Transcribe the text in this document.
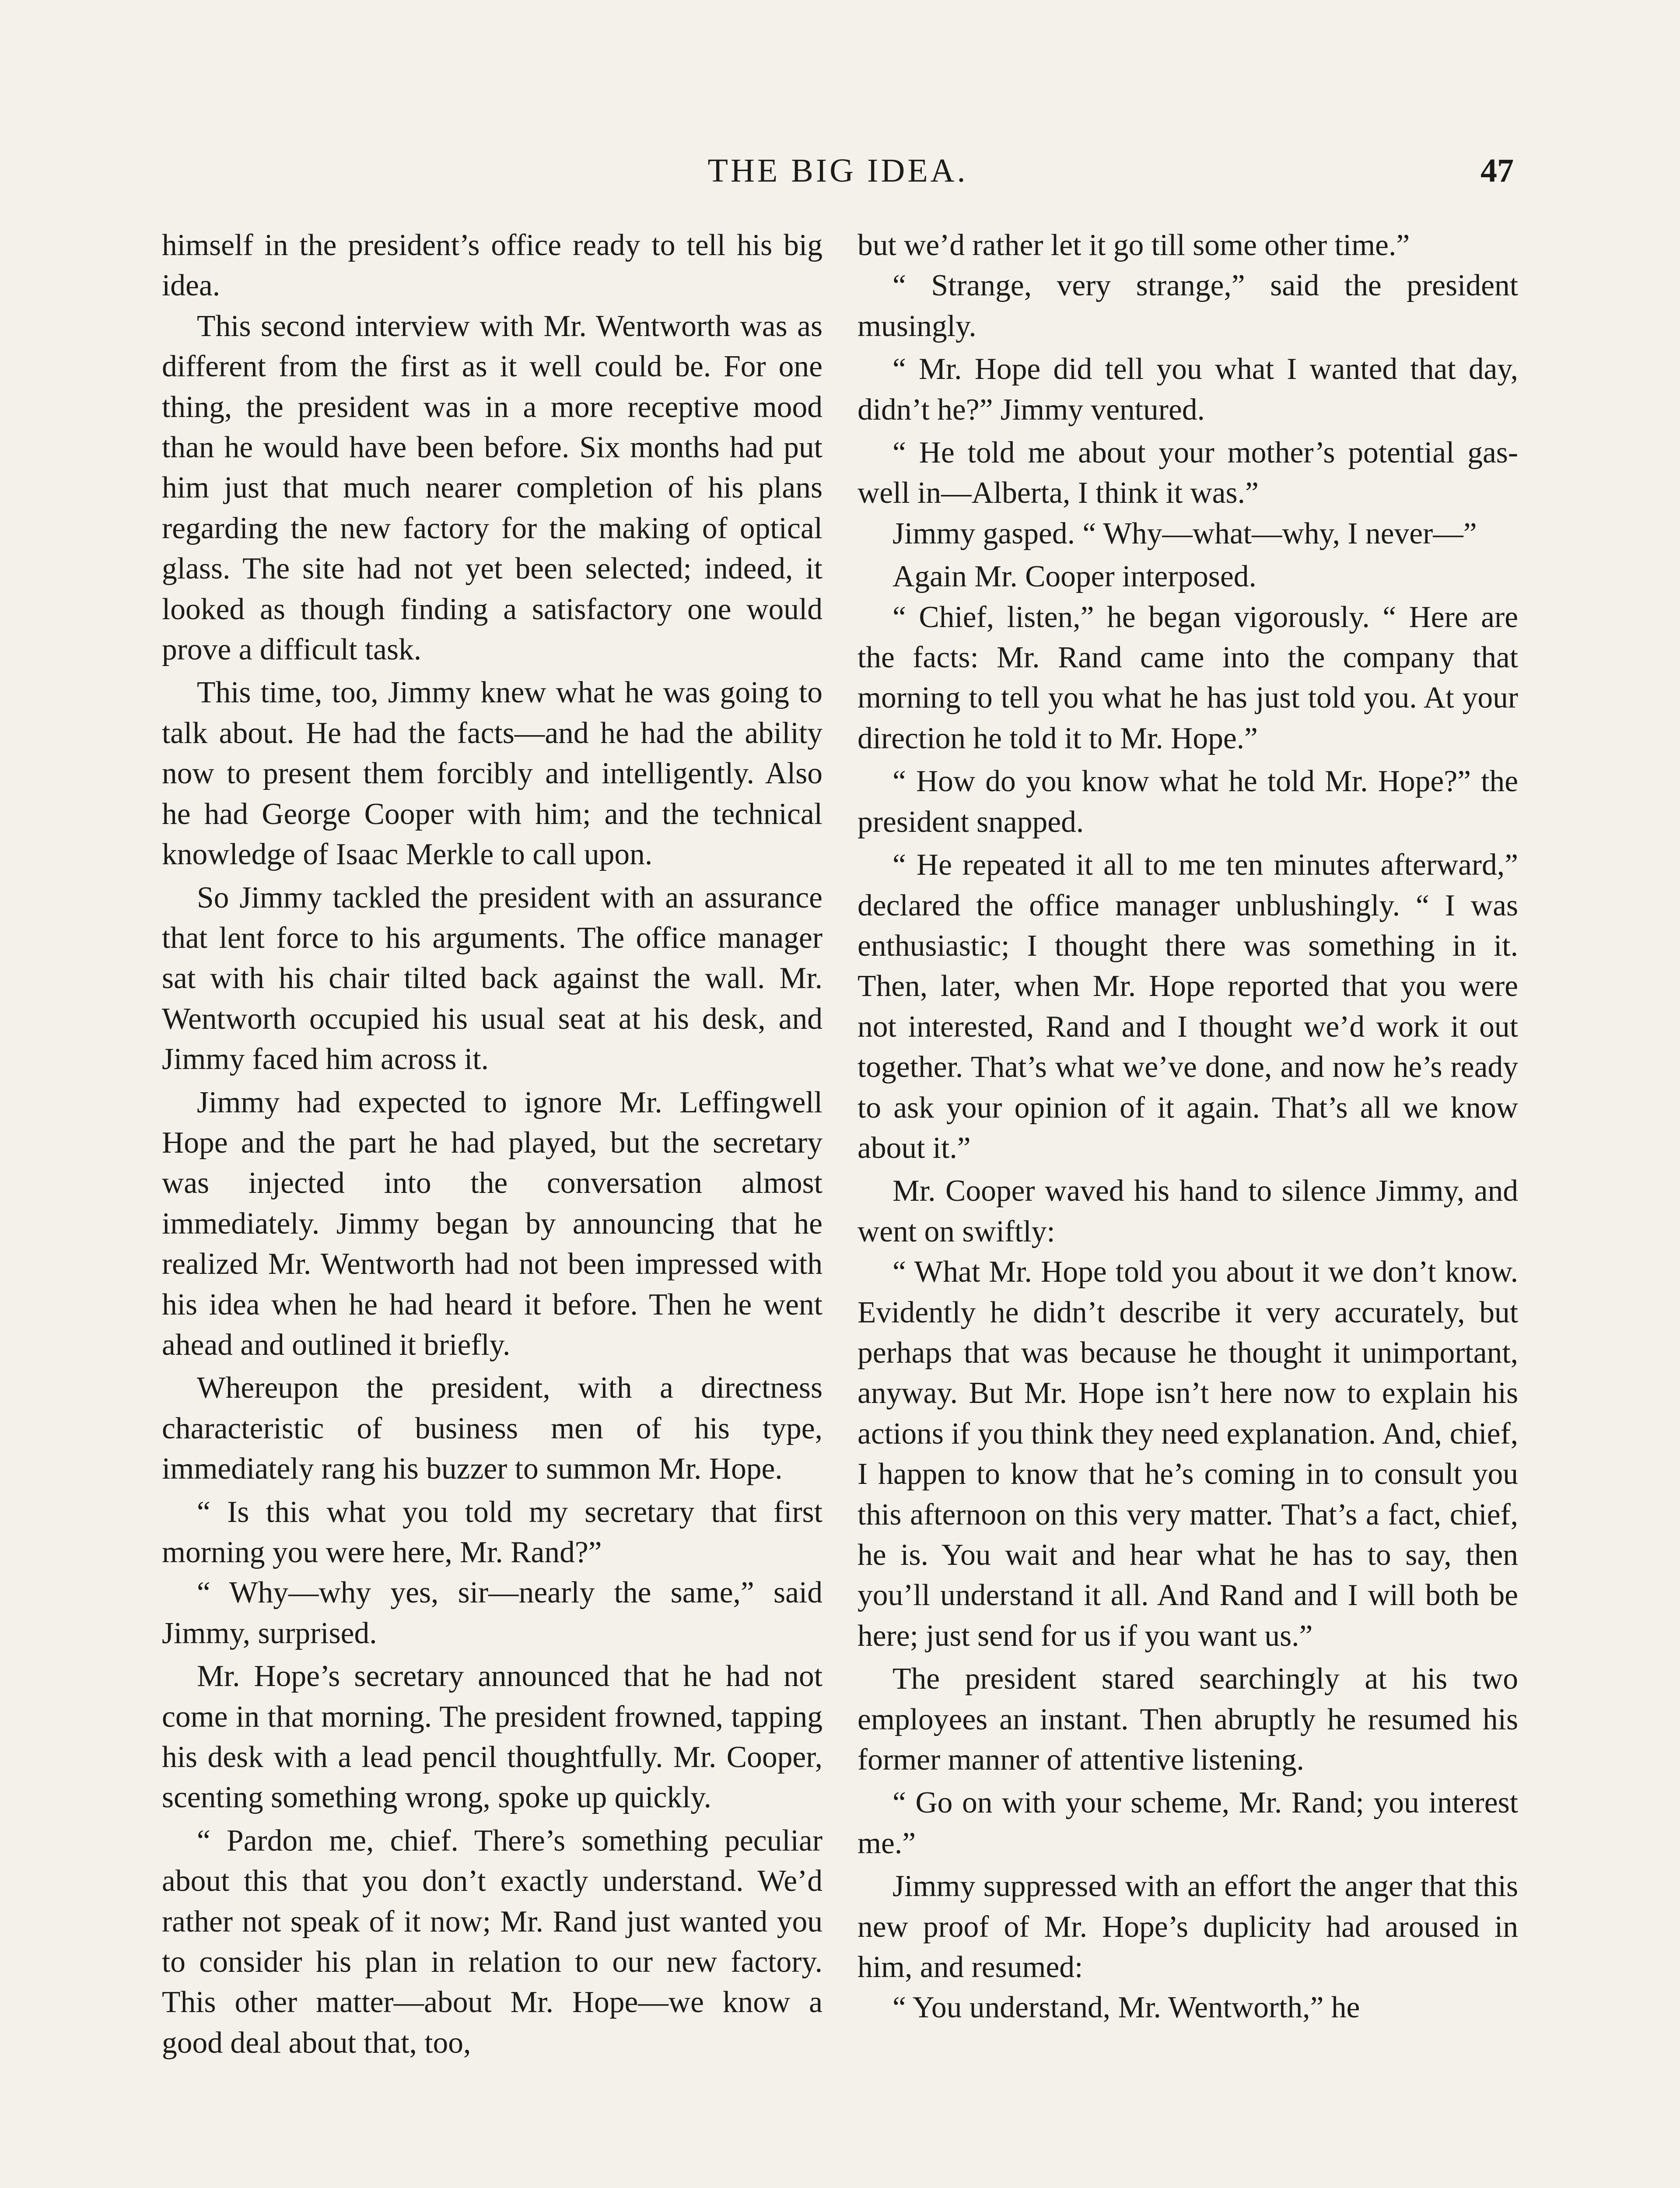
THE BIG IDEA.	47

himself in the president’s office ready to tell his big idea.

This second interview with Mr. Wentworth was as different from the first as it well could be. For one thing, the president was in a more receptive mood than he would have been before. Six months had put him just that much nearer completion of his plans regarding the new factory for the making of optical glass. The site had not yet been selected; indeed, it looked as though finding a satisfactory one would prove a difficult task.

This time, too, Jimmy knew what he was going to talk about. He had the facts—and he had the ability now to present them forcibly and intelligently. Also he had George Cooper with him; and the technical knowledge of Isaac Merkle to call upon.

So Jimmy tackled the president with an assurance that lent force to his arguments. The office manager sat with his chair tilted back against the wall. Mr. Wentworth occupied his usual seat at his desk, and Jimmy faced him across it.

Jimmy had expected to ignore Mr. Leffingwell Hope and the part he had played, but the secretary was injected into the conversation almost immediately. Jimmy began by announcing that he realized Mr. Wentworth had not been impressed with his idea when he had heard it before. Then he went ahead and outlined it briefly.

Whereupon the president, with a directness characteristic of business men of his type, immediately rang his buzzer to summon Mr. Hope.

“ Is this what you told my secretary that first morning you were here, Mr. Rand?”

“ Why—why yes, sir—nearly the same,” said Jimmy, surprised.

Mr. Hope’s secretary announced that he had not come in that morning. The president frowned, tapping his desk with a lead pencil thoughtfully. Mr. Cooper, scenting something wrong, spoke up quickly.

“ Pardon me, chief. There’s something peculiar about this that you don’t exactly understand. We’d rather not speak of it now; Mr. Rand just wanted you to consider his plan in relation to our new factory. This other matter—about Mr. Hope—we know a good deal about that, too,

but we’d rather let it go till some other time.”

“ Strange, very strange,” said the president musingly.

“ Mr. Hope did tell you what I wanted that day, didn’t he?” Jimmy ventured.

“ He told me about your mother’s potential gas-well in—Alberta, I think it was.”

Jimmy gasped. “ Why—what—why, I never—”

Again Mr. Cooper interposed.

“ Chief, listen,” he began vigorously. “ Here are the facts: Mr. Rand came into the company that morning to tell you what he has just told you. At your direction he told it to Mr. Hope.”

“ How do you know what he told Mr. Hope?” the president snapped.

“ He repeated it all to me ten minutes afterward,” declared the office manager unblushingly. “ I was enthusiastic; I thought there was something in it. Then, later, when Mr. Hope reported that you were not interested, Rand and I thought we’d work it out together. That’s what we’ve done, and now he’s ready to ask your opinion of it again. That’s all we know about it.”

Mr. Cooper waved his hand to silence Jimmy, and went on swiftly:

“ What Mr. Hope told you about it we don’t know. Evidently he didn’t describe it very accurately, but perhaps that was because he thought it unimportant, anyway. But Mr. Hope isn’t here now to explain his actions if you think they need explanation. And, chief, I happen to know that he’s coming in to consult you this afternoon on this very matter. That’s a fact, chief, he is. You wait and hear what he has to say, then you’ll understand it all. And Rand and I will both be here; just send for us if you want us.”

The president stared searchingly at his two employees an instant. Then abruptly he resumed his former manner of attentive listening.

“ Go on with your scheme, Mr. Rand; you interest me.”

Jimmy suppressed with an effort the anger that this new proof of Mr. Hope’s duplicity had aroused in him, and resumed:

“ You understand, Mr. Wentworth,” he
